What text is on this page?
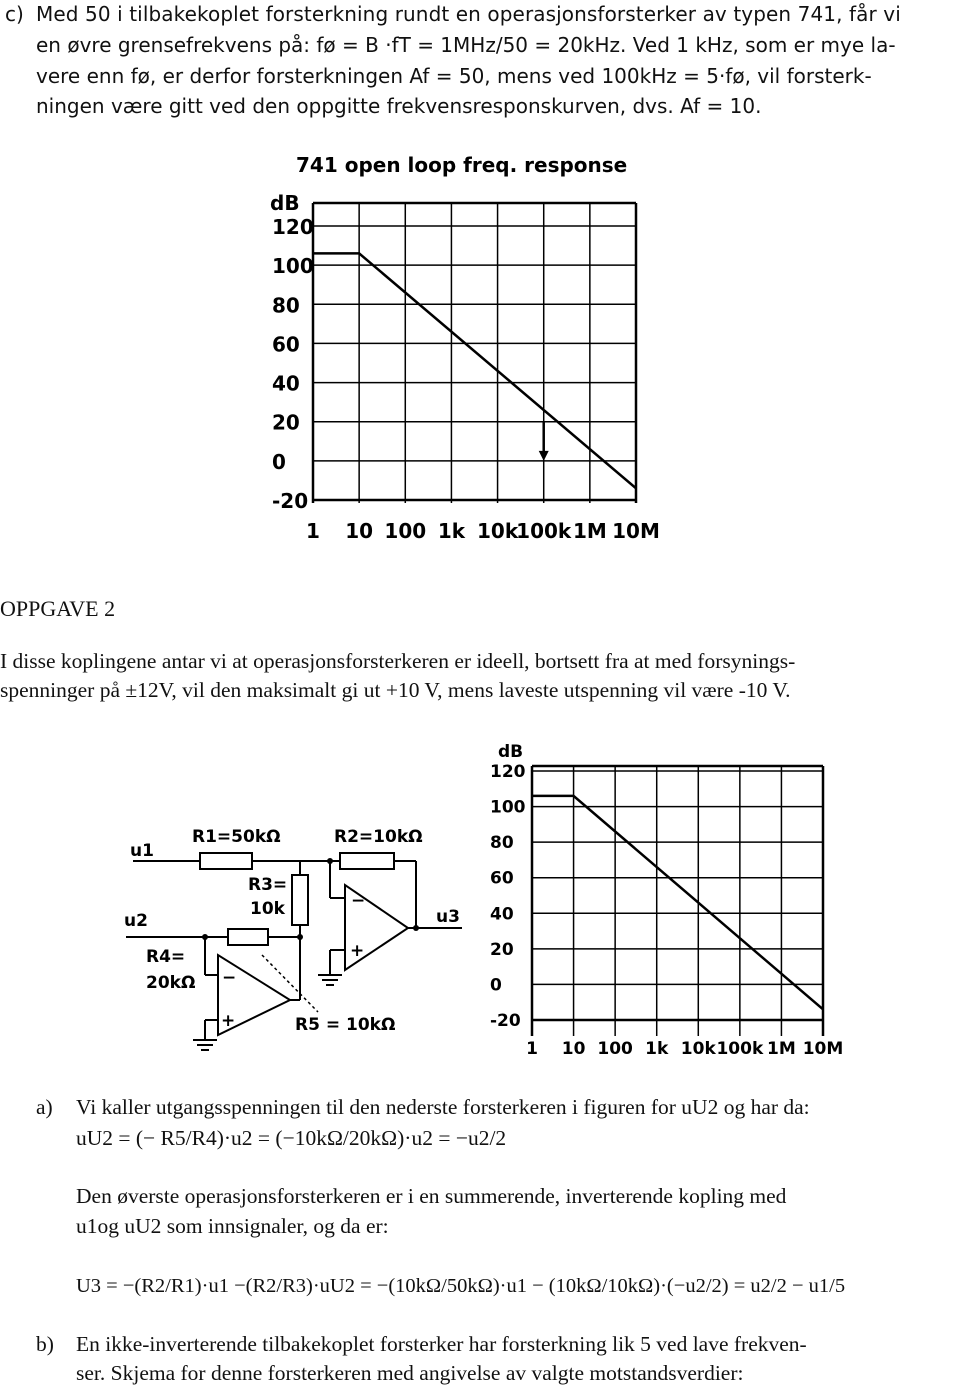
c) Med 50 i tilbakekoplet forsterkning rundt en operasjonsforsterker av typen 741, får vi
en øvre grensefrekvens på: fø = B ·fT = 1MHz/50 = 20kHz. Ved 1 kHz, som er mye la-
vere enn fø, er derfor forsterkningen Af = 50, mens ved 100kHz = 5·fø, vil forsterk-
ningen være gitt ved den oppgitte frekvensresponskurven, dvs. Af = 10.
741 open loop freq. response
dB
120
100
80
60
40
20
0
-20
1 10 100 1k 10k
100k 1M 10M
OPPGAVE 2
I disse koplingene antar vi at operasjonsforsterkeren er ideell, bortsett fra at med forsynings-
spenninger på ±12V, vil den maksimalt gi ut +10 V, mens laveste utspenning vil være -10 V.
u1
u2	u3
R1=50kΩ	R2=10kΩ
R3=
10k
R4=
20kΩ
R5 = 10kΩ
−
+
−
+
dB
120
100
80
60
40
20
0
-20
1 10 100 1k 10k 100k 1M 10M
a) Vi kaller utgangsspenningen til den nederste forsterkeren i figuren for uU2 og har da:
uU2 = (− R5/R4)·u2 = (−10kΩ/20kΩ)·u2 = −u2/2
Den øverste operasjonsforsterkeren er i en summerende, inverterende kopling med
u1og uU2 som innsignaler, og da er:
U3 = −(R2/R1)·u1 −(R2/R3)·uU2 = −(10kΩ/50kΩ)·u1 − (10kΩ/10kΩ)·(−u2/2) = u2/2 − u1/5
b) En ikke-inverterende tilbakekoplet forsterker har forsterkning lik 5 ved lave frekven-
ser. Skjema for denne forsterkeren med angivelse av valgte motstandsverdier:
